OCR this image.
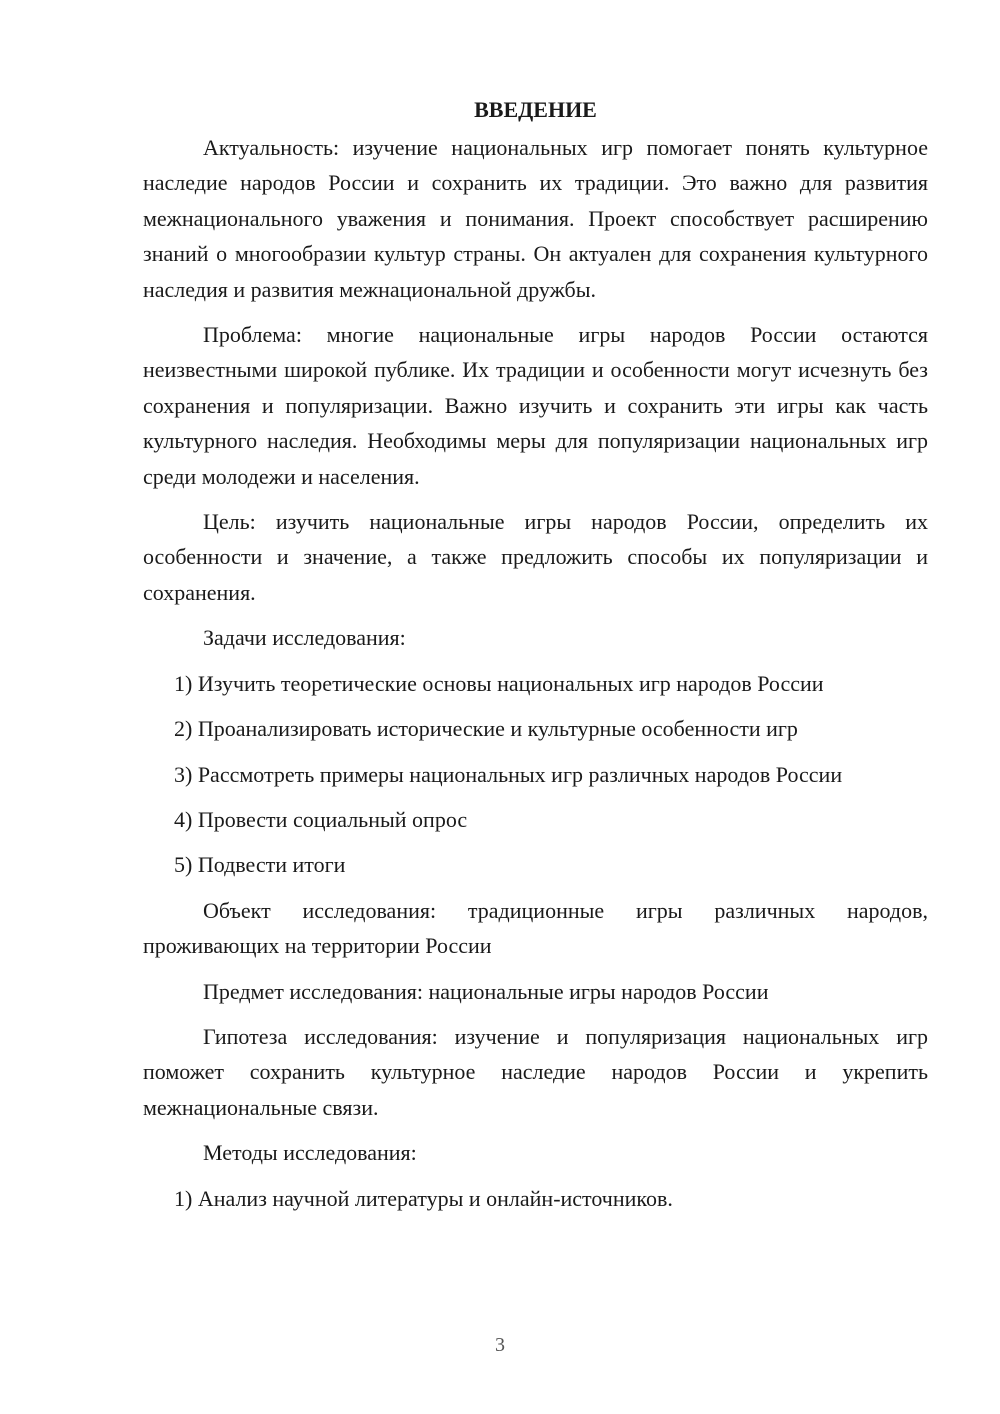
ВВЕДЕНИЕ

Актуальность: изучение национальных игр помогает понять культурное наследие народов России и сохранить их традиции. Это важно для развития межнационального уважения и понимания. Проект способствует расширению знаний о многообразии культур страны. Он актуален для сохранения культурного наследия и развития межнациональной дружбы.

Проблема: многие национальные игры народов России остаются неизвестными широкой публике. Их традиции и особенности могут исчезнуть без сохранения и популяризации. Важно изучить и сохранить эти игры как часть культурного наследия. Необходимы меры для популяризации национальных игр среди молодежи и населения.

Цель: изучить национальные игры народов России, определить их особенности и значение, а также предложить способы их популяризации и сохранения.

Задачи исследования:

1) Изучить теоретические основы национальных игр народов России

2) Проанализировать исторические и культурные особенности игр

3) Рассмотреть примеры национальных игр различных народов России

4) Провести социальный опрос

5) Подвести итоги

Объект исследования: традиционные игры различных народов, проживающих на территории России

Предмет исследования: национальные игры народов России

Гипотеза исследования: изучение и популяризация национальных игр поможет сохранить культурное наследие народов России и укрепить межнациональные связи.

Методы исследования:

1) Анализ научной литературы и онлайн-источников.

3
